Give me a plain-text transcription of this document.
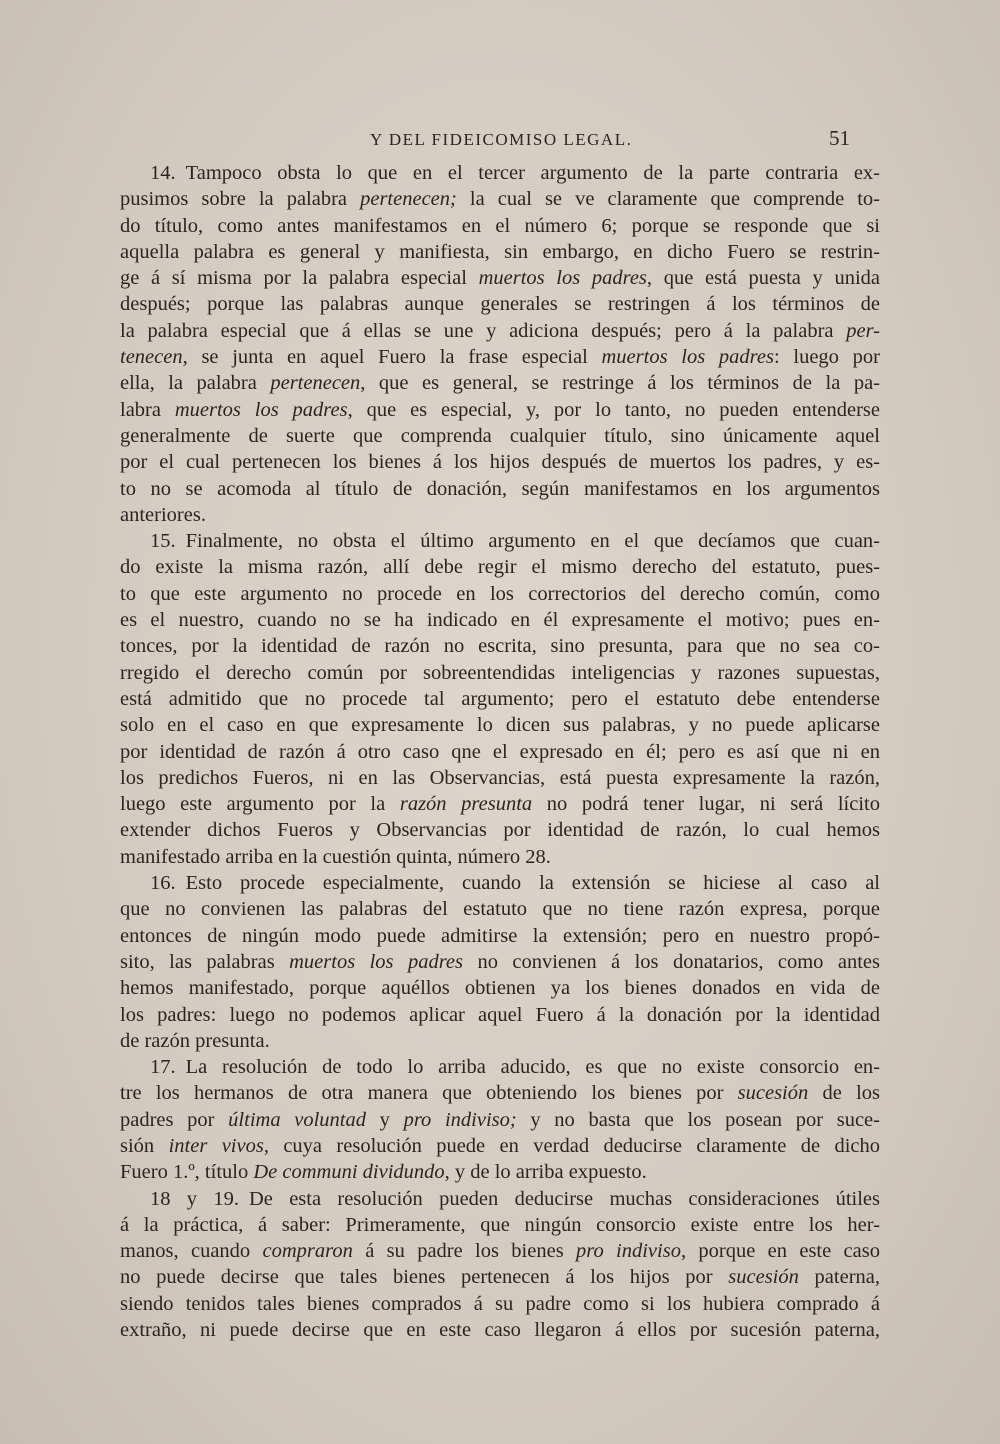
Y DEL FIDEICOMISO LEGAL.	51
14. Tampoco obsta lo que en el tercer argumento de la parte contraria ex-
pusimos sobre la palabra pertenecen; la cual se ve claramente que comprende to-
do título, como antes manifestamos en el número 6; porque se responde que si
aquella palabra es general y manifiesta, sin embargo, en dicho Fuero se restrin-
ge á sí misma por la palabra especial muertos los padres, que está puesta y unida
después; porque las palabras aunque generales se restringen á los términos de
la palabra especial que á ellas se une y adiciona después; pero á la palabra per-
tenecen, se junta en aquel Fuero la frase especial muertos los padres: luego por
ella, la palabra pertenecen, que es general, se restringe á los términos de la pa-
labra muertos los padres, que es especial, y, por lo tanto, no pueden entenderse
generalmente de suerte que comprenda cualquier título, sino únicamente aquel
por el cual pertenecen los bienes á los hijos después de muertos los padres, y es-
to no se acomoda al título de donación, según manifestamos en los argumentos
anteriores.
15. Finalmente, no obsta el último argumento en el que decíamos que cuan-
do existe la misma razón, allí debe regir el mismo derecho del estatuto, pues-
to que este argumento no procede en los correctorios del derecho común, como
es el nuestro, cuando no se ha indicado en él expresamente el motivo; pues en-
tonces, por la identidad de razón no escrita, sino presunta, para que no sea co-
rregido el derecho común por sobreentendidas inteligencias y razones supuestas,
está admitido que no procede tal argumento; pero el estatuto debe entenderse
solo en el caso en que expresamente lo dicen sus palabras, y no puede aplicarse
por identidad de razón á otro caso qne el expresado en él; pero es así que ni en
los predichos Fueros, ni en las Observancias, está puesta expresamente la razón,
luego este argumento por la razón presunta no podrá tener lugar, ni será lícito
extender dichos Fueros y Observancias por identidad de razón, lo cual hemos
manifestado arriba en la cuestión quinta, número 28.
16. Esto procede especialmente, cuando la extensión se hiciese al caso al
que no convienen las palabras del estatuto que no tiene razón expresa, porque
entonces de ningún modo puede admitirse la extensión; pero en nuestro propó-
sito, las palabras muertos los padres no convienen á los donatarios, como antes
hemos manifestado, porque aquéllos obtienen ya los bienes donados en vida de
los padres: luego no podemos aplicar aquel Fuero á la donación por la identidad
de razón presunta.
17. La resolución de todo lo arriba aducido, es que no existe consorcio en-
tre los hermanos de otra manera que obteniendo los bienes por sucesión de los
padres por última voluntad y pro indiviso; y no basta que los posean por suce-
sión inter vivos, cuya resolución puede en verdad deducirse claramente de dicho
Fuero 1.º, título De communi dividundo, y de lo arriba expuesto.
18 y 19. De esta resolución pueden deducirse muchas consideraciones útiles
á la práctica, á saber: Primeramente, que ningún consorcio existe entre los her-
manos, cuando compraron á su padre los bienes pro indiviso, porque en este caso
no puede decirse que tales bienes pertenecen á los hijos por sucesión paterna,
siendo tenidos tales bienes comprados á su padre como si los hubiera comprado á
extraño, ni puede decirse que en este caso llegaron á ellos por sucesión paterna,
